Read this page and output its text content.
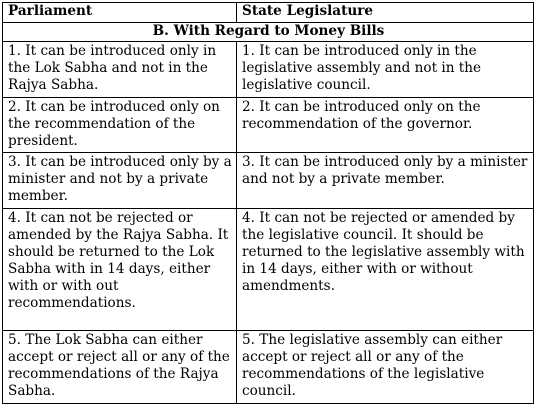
Parliament	State Legislature
B. With Regard to Money Bills	
1. It can be introduced only in the Lok Sabha and not in the Rajya Sabha.	1. It can be introduced only in the legislative assembly and not in the legislative council.
2. It can be introduced only on the recommendation of the president.	2. It can be introduced only on the recommendation of the governor.
3. It can be introduced only by a minister and not by a private member.	3. It can be introduced only by a minister and not by a private member.
4. It can not be rejected or amended by the Rajya Sabha. It should be returned to the Lok Sabha with in 14 days, either with or with out recommendations.	4. It can not be rejected or amended by the legislative council. It should be returned to the legislative assembly with in 14 days, either with or without amendments.
5. The Lok Sabha can either accept or reject all or any of the recommendations of the Rajya Sabha.	5. The legislative assembly can either accept or reject all or any of the recommendations of the legislative council.
